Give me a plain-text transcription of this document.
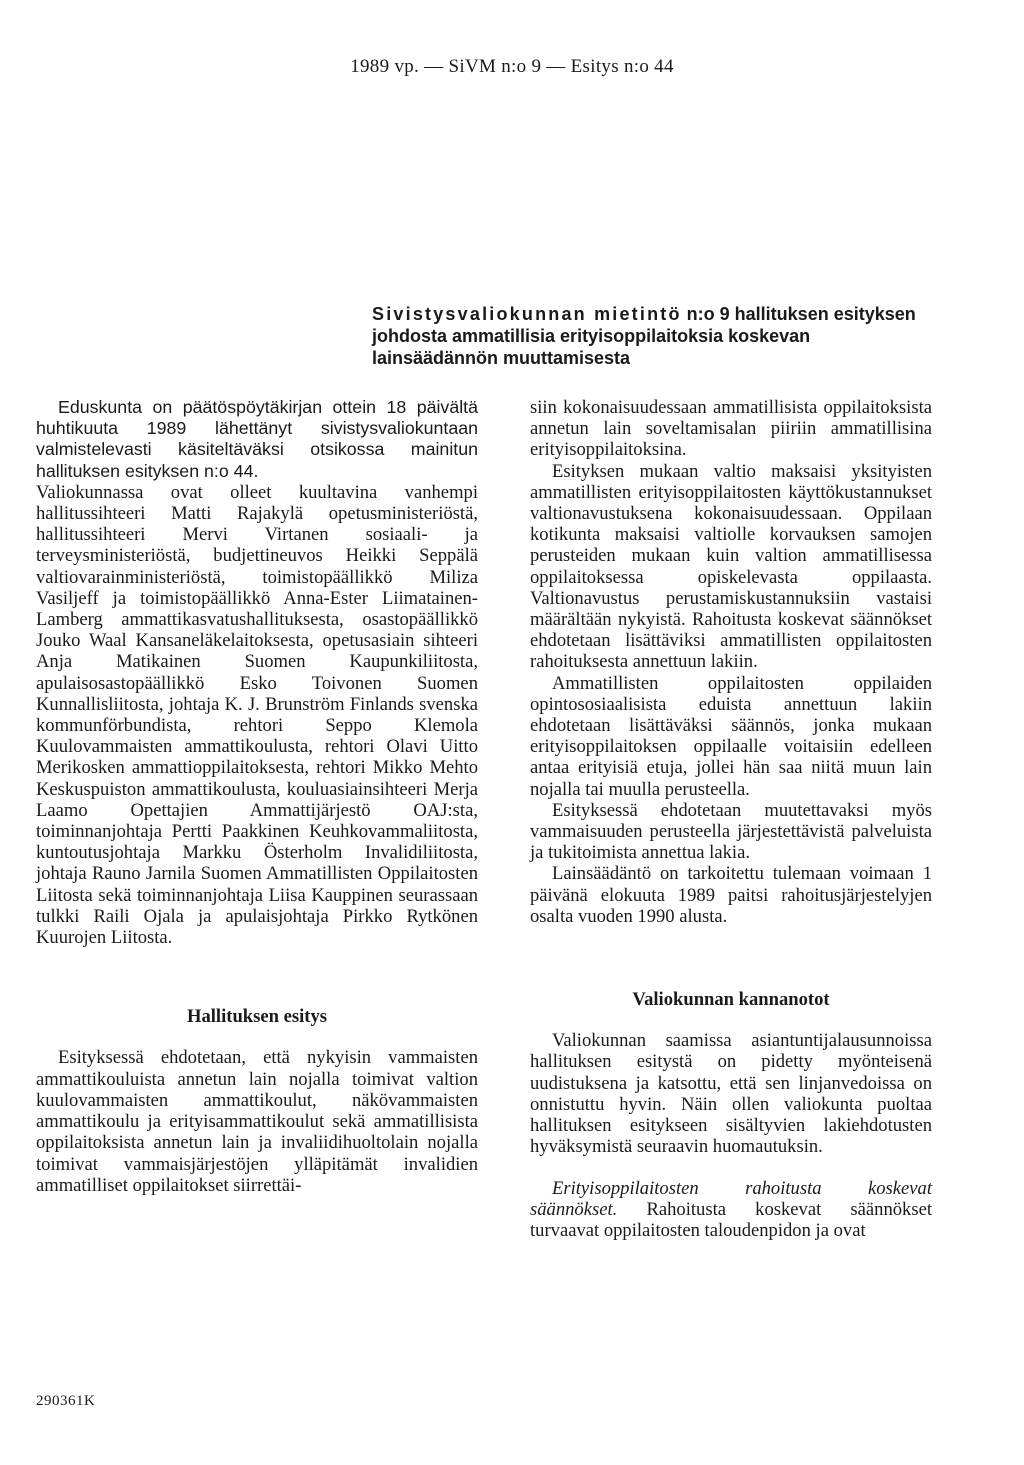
1989 vp. — SiVM n:o 9 — Esitys n:o 44
Sivistysvaliokunnan mietintö n:o 9 hallituksen esityksen johdosta ammatillisia erityisoppilaitoksia koskevan lainsäädännön muuttamisesta

Eduskunta on päätöspöytäkirjan ottein 18 päivältä huhtikuuta 1989 lähettänyt sivistysvaliokuntaan valmistelevasti käsiteltäväksi otsikossa mainitun hallituksen esityksen n:o 44.

Valiokunnassa ovat olleet kuultavina vanhempi hallitussihteeri Matti Rajakylä opetusministeriöstä, hallitussihteeri Mervi Virtanen sosiaali- ja terveysministeriöstä, budjettineuvos Heikki Seppälä valtiovarainministeriöstä, toimistopäällikkö Miliza Vasiljeff ja toimistopäällikkö Anna-Ester Liimatainen-Lamberg ammattikasvatushallituksesta, osastopäällikkö Jouko Waal Kansaneläkelaitoksesta, opetusasiain sihteeri Anja Matikainen Suomen Kaupunkiliitosta, apulaisosastopäällikkö Esko Toivonen Suomen Kunnallisliitosta, johtaja K. J. Brunström Finlands svenska kommunförbundista, rehtori Seppo Klemola Kuulovammaisten ammattikoulusta, rehtori Olavi Uitto Merikosken ammattioppilaitoksesta, rehtori Mikko Mehto Keskuspuiston ammattikoulusta, kouluasiainsihteeri Merja Laamo Opettajien Ammattijärjestö OAJ:sta, toiminnanjohtaja Pertti Paakkinen Keuhkovammaliitosta, kuntoutusjohtaja Markku Österholm Invalidiliitosta, johtaja Rauno Jarnila Suomen Ammatillisten Oppilaitosten Liitosta sekä toiminnanjohtaja Liisa Kauppinen seurassaan tulkki Raili Ojala ja apulaisjohtaja Pirkko Rytkönen Kuurojen Liitosta.

Hallituksen esitys

Esityksessä ehdotetaan, että nykyisin vammaisten ammattikouluista annetun lain nojalla toimivat valtion kuulovammaisten ammattikoulut, näkövammaisten ammattikoulu ja erityisammattikoulut sekä ammatillisista oppilaitoksista annetun lain ja invaliidihuoltolain nojalla toimivat vammaisjärjestöjen ylläpitämät invalidien ammatilliset oppilaitokset siirrettäi-

siin kokonaisuudessaan ammatillisista oppilaitoksista annetun lain soveltamisalan piiriin ammatillisina erityisoppilaitoksina.

Esityksen mukaan valtio maksaisi yksityisten ammatillisten erityisoppilaitosten käyttökustannukset valtionavustuksena kokonaisuudessaan. Oppilaan kotikunta maksaisi valtiolle korvauksen samojen perusteiden mukaan kuin valtion ammatillisessa oppilaitoksessa opiskelevasta oppilaasta. Valtionavustus perustamiskustannuksiin vastaisi määrältään nykyistä. Rahoitusta koskevat säännökset ehdotetaan lisättäviksi ammatillisten oppilaitosten rahoituksesta annettuun lakiin.

Ammatillisten oppilaitosten oppilaiden opintososiaalisista eduista annettuun lakiin ehdotetaan lisättäväksi säännös, jonka mukaan erityisoppilaitoksen oppilaalle voitaisiin edelleen antaa erityisiä etuja, jollei hän saa niitä muun lain nojalla tai muulla perusteella.

Esityksessä ehdotetaan muutettavaksi myös vammaisuuden perusteella järjestettävistä palveluista ja tukitoimista annettua lakia.

Lainsäädäntö on tarkoitettu tulemaan voimaan 1 päivänä elokuuta 1989 paitsi rahoitusjärjestelyjen osalta vuoden 1990 alusta.

Valiokunnan kannanotot

Valiokunnan saamissa asiantuntijalausunnoissa hallituksen esitystä on pidetty myönteisenä uudistuksena ja katsottu, että sen linjanvedoissa on onnistuttu hyvin. Näin ollen valiokunta puoltaa hallituksen esitykseen sisältyvien lakiehdotusten hyväksymistä seuraavin huomautuksin.

Erityisoppilaitosten rahoitusta koskevat säännökset. Rahoitusta koskevat säännökset turvaavat oppilaitosten taloudenpidon ja ovat

290361K
